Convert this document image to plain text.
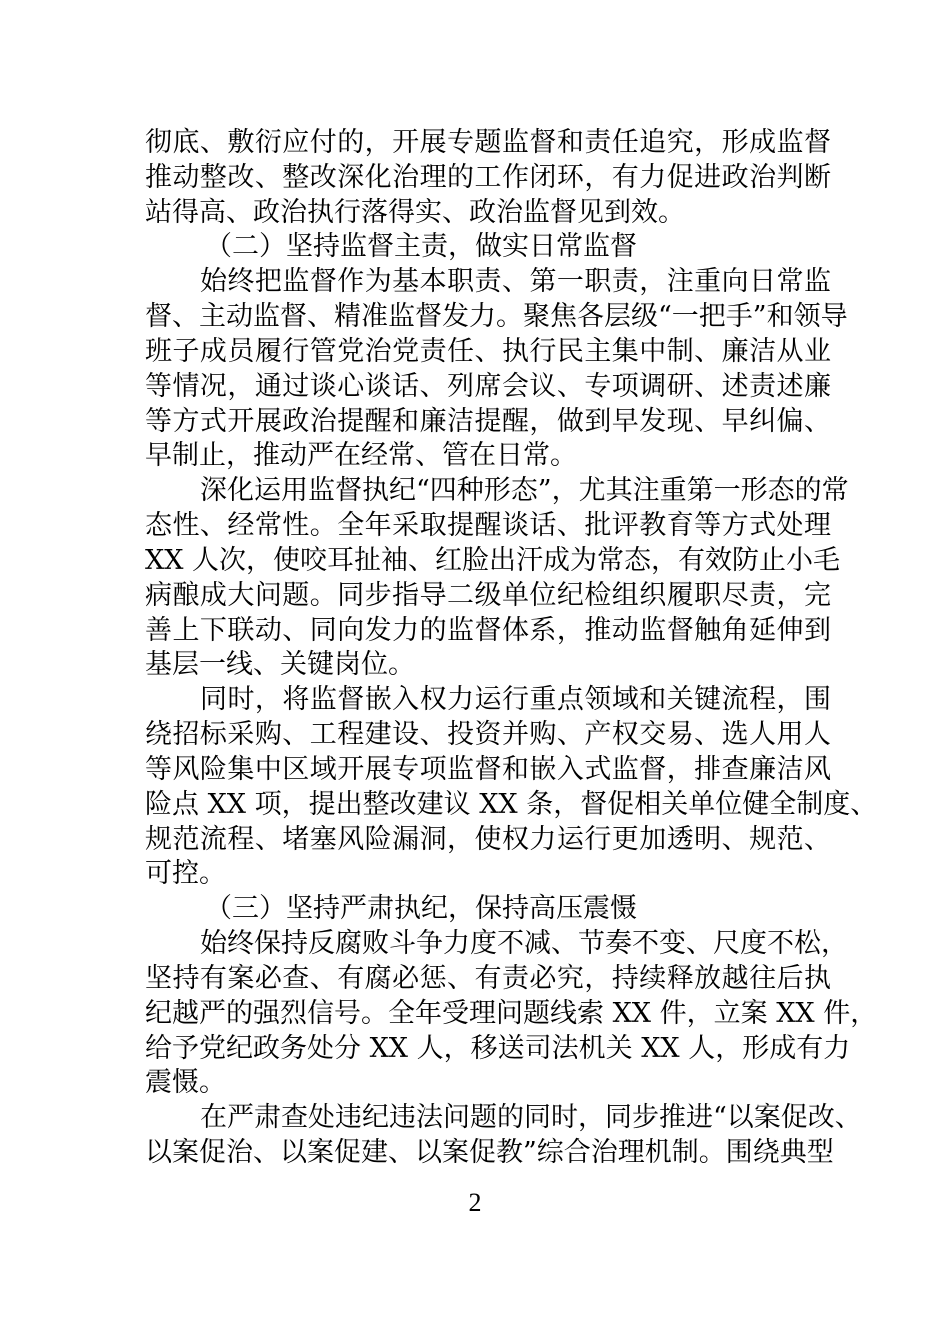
彻底、敷衍应付的，开展专题监督和责任追究，形成监督
推动整改、整改深化治理的工作闭环，有力促进政治判断
站得高、政治执行落得实、政治监督见到效。
（二）坚持监督主责，做实日常监督
始终把监督作为基本职责、第一职责，注重向日常监
督、主动监督、精准监督发力。聚焦各层级“一把手”和领导
班子成员履行管党治党责任、执行民主集中制、廉洁从业
等情况，通过谈心谈话、列席会议、专项调研、述责述廉
等方式开展政治提醒和廉洁提醒，做到早发现、早纠偏、
早制止，推动严在经常、管在日常。
深化运用监督执纪“四种形态”，尤其注重第一形态的常
态性、经常性。全年采取提醒谈话、批评教育等方式处理
XX 人次，使咬耳扯袖、红脸出汗成为常态，有效防止小毛
病酿成大问题。同步指导二级单位纪检组织履职尽责，完
善上下联动、同向发力的监督体系，推动监督触角延伸到
基层一线、关键岗位。
同时，将监督嵌入权力运行重点领域和关键流程，围
绕招标采购、工程建设、投资并购、产权交易、选人用人
等风险集中区域开展专项监督和嵌入式监督，排查廉洁风
险点 XX 项，提出整改建议 XX 条，督促相关单位健全制度、
规范流程、堵塞风险漏洞，使权力运行更加透明、规范、
可控。
（三）坚持严肃执纪，保持高压震慑
始终保持反腐败斗争力度不减、节奏不变、尺度不松，
坚持有案必查、有腐必惩、有责必究，持续释放越往后执
纪越严的强烈信号。全年受理问题线索 XX 件，立案 XX 件，
给予党纪政务处分 XX 人，移送司法机关 XX 人，形成有力
震慑。
在严肃查处违纪违法问题的同时，同步推进“以案促改、
以案促治、以案促建、以案促教”综合治理机制。围绕典型
2
